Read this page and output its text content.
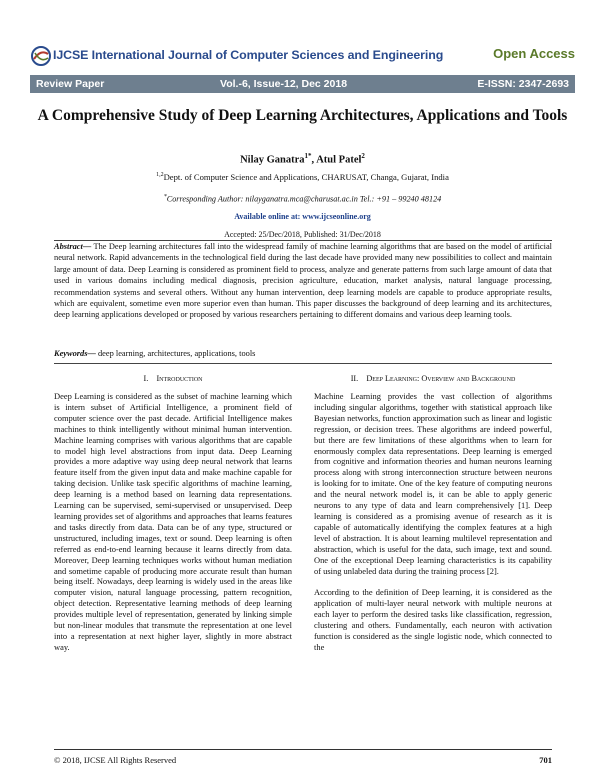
IJCSE International Journal of Computer Sciences and Engineering	Open Access
Review Paper	Vol.-6, Issue-12, Dec 2018	E-ISSN: 2347-2693
A Comprehensive Study of Deep Learning Architectures, Applications and Tools
Nilay Ganatra$^{1*}$, Atul Patel$^2$
$^{1,2}$Dept. of Computer Science and Applications, CHARUSAT, Changa, Gujarat, India
*Corresponding Author: nilayganatra.mca@charusat.ac.in Tel.: +91 – 99240 48124
Available online at: www.ijcseonline.org
Accepted: 25/Dec/2018, Published: 31/Dec/2018
Abstract— The Deep learning architectures fall into the widespread family of machine learning algorithms that are based on the model of artificial neural network. Rapid advancements in the technological field during the last decade have provided many new possibilities to collect and maintain large amount of data. Deep Learning is considered as prominent field to process, analyze and generate patterns from such large amount of data that used in various domains including medical diagnosis, precision agriculture, education, market analysis, natural language processing, recommendation systems and several others. Without any human intervention, deep learning models are capable to produce appropriate results, which are equivalent, sometime even more superior even than human. This paper discusses the background of deep learning and its architectures, deep learning applications developed or proposed by various researchers pertaining to different domains and various deep learning tools.
Keywords— deep learning, architectures, applications, tools
I. Introduction	II. Deep Learning: Overview and Background

Deep Learning is considered as the subset of machine learning which is intern subset of Artificial Intelligence, a prominent field of computer science over the past decade. Artificial Intelligence makes machines to think intelligently without minimal human intervention. Machine learning comprises with various algorithms that are capable to model high level abstractions from input data. Deep Learning provides a more adaptive way using deep neural network that learns feature itself from the given input data and make machine capable for taking decision. Unlike task specific algorithms of machine learning, deep learning is a method based on learning data representations. Learning can be supervised, semi-supervised or unsupervised. Deep learning provides set of algorithms and approaches that learns features and tasks directly from data. Data can be of any type, structured or unstructured, including images, text or sound. Deep learning is often referred as end-to-end learning because it learns directly from data. Moreover, Deep learning techniques works without human mediation and sometime capable of producing more accurate result than human being itself. Nowadays, deep learning is widely used in the areas like computer vision, natural language processing, pattern recognition, object detection. Representative learning methods of deep learning provides multiple level of representation, generated by linking simple but non-linear modules that transmute the representation at one level into a representation at next higher layer, slightly in more abstract way.

Machine Learning provides the vast collection of algorithms including singular algorithms, together with statistical approach like Bayesian networks, function approximation such as linear and logistic regression, or decision trees. These algorithms are indeed powerful, but there are few limitations of these algorithms when to learn for enormously complex data representations. Deep learning is emerged from cognitive and information theories and human neurons learning process along with strong interconnection structure between neurons is looking for to imitate. One of the key feature of computing neurons and the neural network model is, it can be able to apply generic neurons to any type of data and learn comprehensively [1]. Deep learning is considered as a promising avenue of research as it is capable of automatically identifying the complex features at a high level of abstraction. It is about learning multilevel representation and abstraction, which is useful for the data, such image, text and sound. One of the exceptional Deep learning characteristics is its capability of using unlabeled data during the training process [2].

According to the definition of Deep learning, it is considered as the application of multi-layer neural network with multiple neurons at each layer to perform the desired tasks like classification, regression, clustering and others. Fundamentally, each neuron with activation function is considered as the single logistic node, which connected to the

© 2018, IJCSE All Rights Reserved	701
